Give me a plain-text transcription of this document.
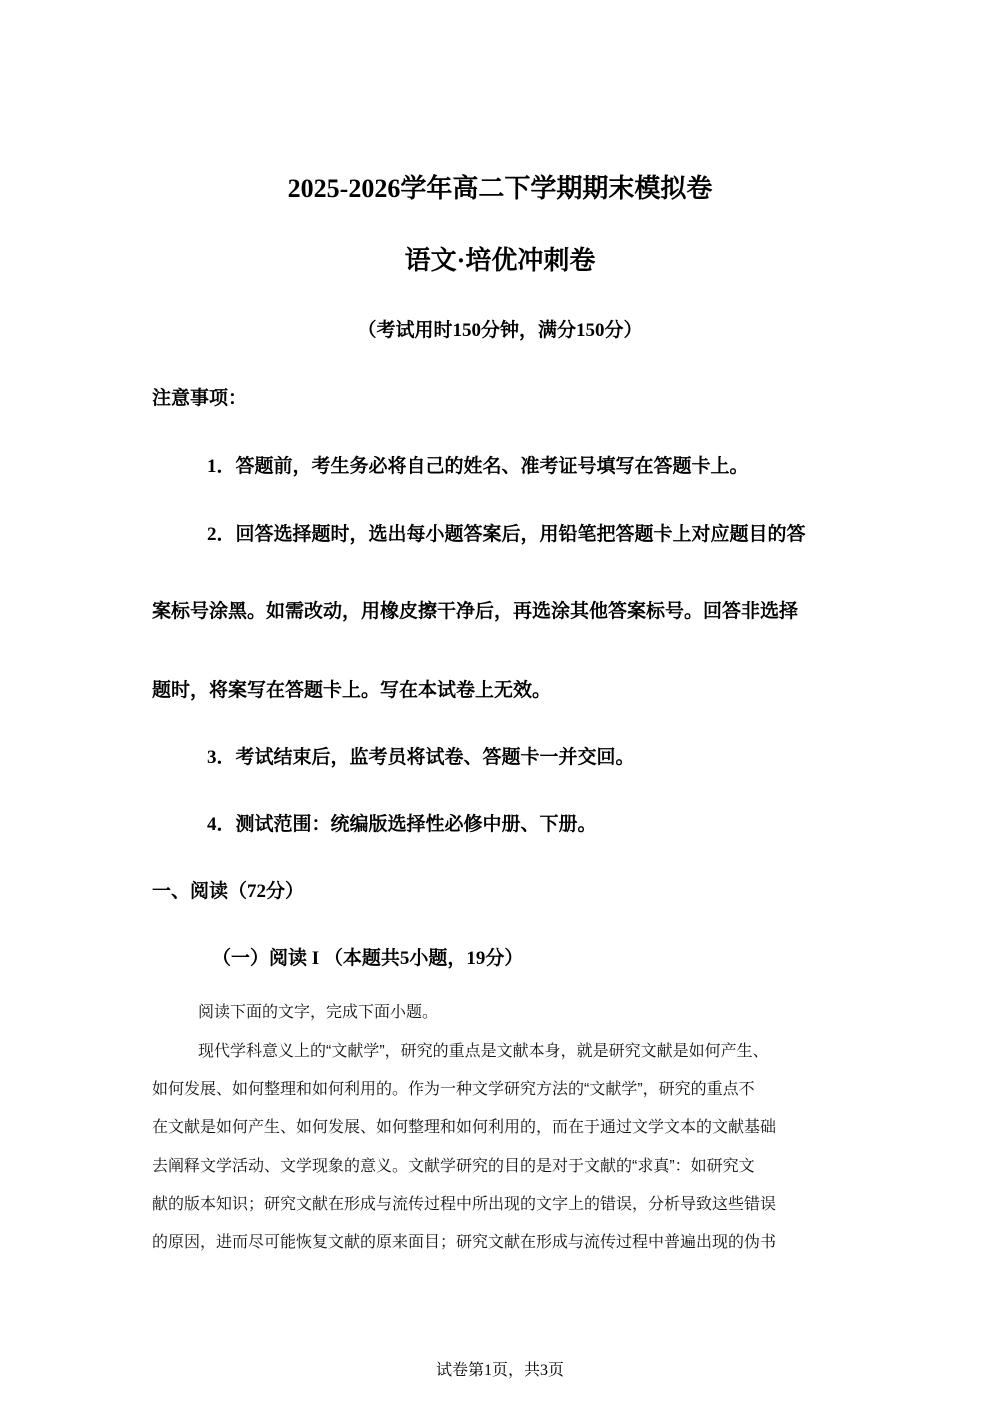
2025-2026学年高二下学期期末模拟卷
语文·培优冲刺卷
（考试用时150分钟，满分150分）
注意事项：
1．答题前，考生务必将自己的姓名、准考证号填写在答题卡上。
2．回答选择题时，选出每小题答案后，用铅笔把答题卡上对应题目的答
案标号涂黑。如需改动，用橡皮擦干净后，再选涂其他答案标号。回答非选择
题时，将案写在答题卡上。写在本试卷上无效。
3．考试结束后，监考员将试卷、答题卡一并交回。
4．测试范围：统编版选择性必修中册、下册。
一、阅读（72分）
（一）阅读 I （本题共5小题，19分）
阅读下面的文字，完成下面小题。
现代学科意义上的“文献学”，研究的重点是文献本身，就是研究文献是如何产生、
如何发展、如何整理和如何利用的。作为一种文学研究方法的“文献学”，研究的重点不
在文献是如何产生、如何发展、如何整理和如何利用的，而在于通过文学文本的文献基础
去阐释文学活动、文学现象的意义。文献学研究的目的是对于文献的“求真”：如研究文
献的版本知识；研究文献在形成与流传过程中所出现的文字上的错误，分析导致这些错误
的原因，进而尽可能恢复文献的原来面目；研究文献在形成与流传过程中普遍出现的伪书
试卷第1页，共3页
